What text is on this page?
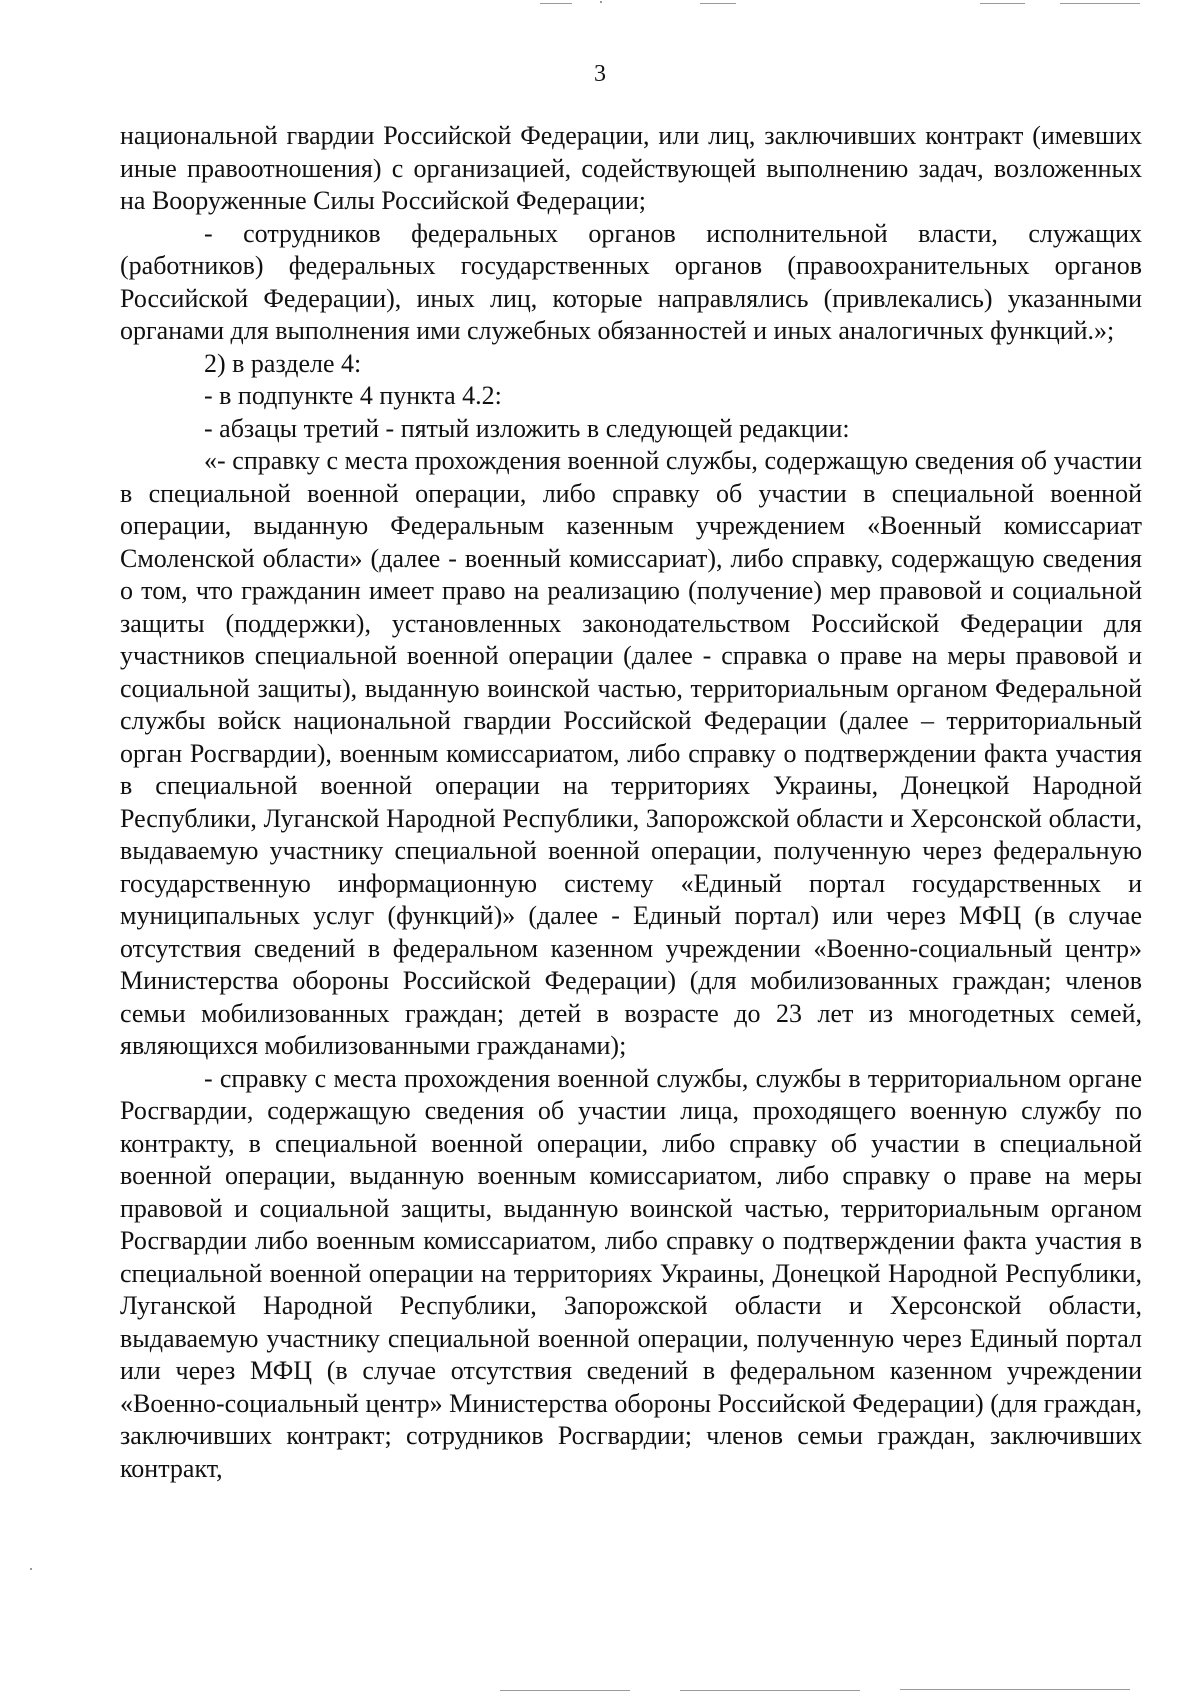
3

национальной гвардии Российской Федерации, или лиц, заключивших контракт (имевших иные правоотношения) с организацией, содействующей выполнению задач, возложенных на Вооруженные Силы Российской Федерации;

- сотрудников федеральных органов исполнительной власти, служащих (работников) федеральных государственных органов (правоохранительных органов Российской Федерации), иных лиц, которые направлялись (привлекались) указанными органами для выполнения ими служебных обязанностей и иных аналогичных функций.»;

2) в разделе 4:

- в подпункте 4 пункта 4.2:

- абзацы третий - пятый изложить в следующей редакции:

«- справку с места прохождения военной службы, содержащую сведения об участии в специальной военной операции, либо справку об участии в специальной военной операции, выданную Федеральным казенным учреждением «Военный комиссариат Смоленской области» (далее - военный комиссариат), либо справку, содержащую сведения о том, что гражданин имеет право на реализацию (получение) мер правовой и социальной защиты (поддержки), установленных законодательством Российской Федерации для участников специальной военной операции (далее - справка о праве на меры правовой и социальной защиты), выданную воинской частью, территориальным органом Федеральной службы войск национальной гвардии Российской Федерации (далее – территориальный орган Росгвардии), военным комиссариатом, либо справку о подтверждении факта участия в специальной военной операции на территориях Украины, Донецкой Народной Республики, Луганской Народной Республики, Запорожской области и Херсонской области, выдаваемую участнику специальной военной операции, полученную через федеральную государственную информационную систему «Единый портал государственных и муниципальных услуг (функций)» (далее - Единый портал) или через МФЦ (в случае отсутствия сведений в федеральном казенном учреждении «Военно-социальный центр» Министерства обороны Российской Федерации) (для мобилизованных граждан; членов семьи мобилизованных граждан; детей в возрасте до 23 лет из многодетных семей, являющихся мобилизованными гражданами);

- справку с места прохождения военной службы, службы в территориальном органе Росгвардии, содержащую сведения об участии лица, проходящего военную службу по контракту, в специальной военной операции, либо справку об участии в специальной военной операции, выданную военным комиссариатом, либо справку о праве на меры правовой и социальной защиты, выданную воинской частью, территориальным органом Росгвардии либо военным комиссариатом, либо справку о подтверждении факта участия в специальной военной операции на территориях Украины, Донецкой Народной Республики, Луганской Народной Республики, Запорожской области и Херсонской области, выдаваемую участнику специальной военной операции, полученную через Единый портал или через МФЦ (в случае отсутствия сведений в федеральном казенном учреждении «Военно-социальный центр» Министерства обороны Российской Федерации) (для граждан, заключивших контракт; сотрудников Росгвардии; членов семьи граждан, заключивших контракт,
